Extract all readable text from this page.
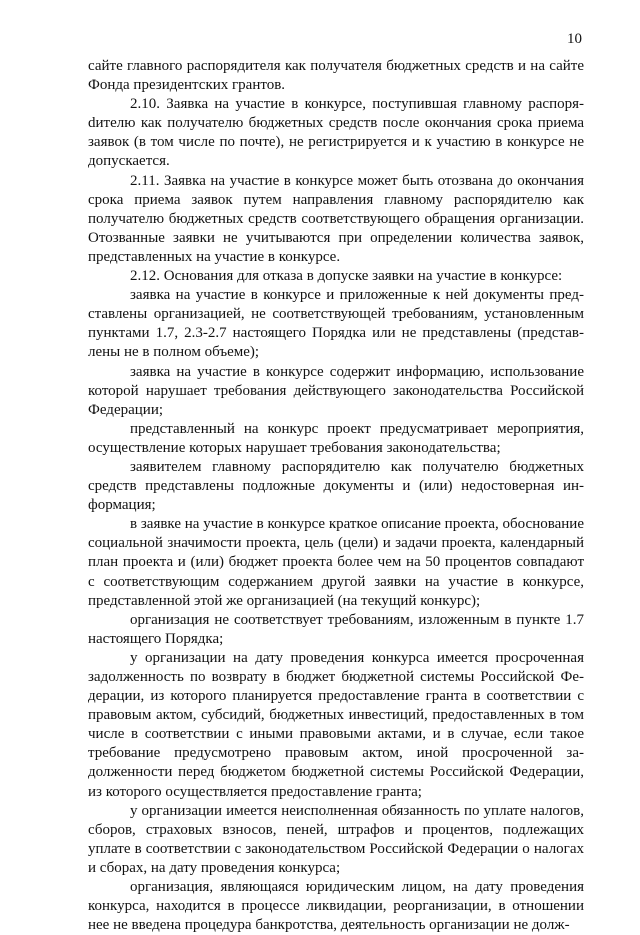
10

сайте главного распорядителя как получателя бюджетных средств и на сайте Фонда президентских грантов.

2.10. Заявка на участие в конкурсе, поступившая главному распоряdителю как получателю бюджетных средств после окончания срока приема заявок (в том числе по почте), не регистрируется и к участию в конкурсе не допускается.

2.11. Заявка на участие в конкурсе может быть отозвана до окончания срока приема заявок путем направления главному распорядителю как получателю бюджетных средств соответствующего обращения организации. Отозванные заявки не учитываются при определении количества заявок, представленных на участие в конкурсе.

2.12. Основания для отказа в допуске заявки на участие в конкурсе:

заявка на участие в конкурсе и приложенные к ней документы представлены организацией, не соответствующей требованиям, установленным пунктами 1.7, 2.3-2.7 настоящего Порядка или не представлены (представлены не в полном объеме);

заявка на участие в конкурсе содержит информацию, использование которой нарушает требования действующего законодательства Российской Федерации;

представленный на конкурс проект предусматривает мероприятия, осуществление которых нарушает требования законодательства;

заявителем главному распорядителю как получателю бюджетных средств представлены подложные документы и (или) недостоверная информация;

в заявке на участие в конкурсе краткое описание проекта, обоснование социальной значимости проекта, цель (цели) и задачи проекта, календарный план проекта и (или) бюджет проекта более чем на 50 процентов совпадают с соответствующим содержанием другой заявки на участие в конкурсе, представленной этой же организацией (на текущий конкурс);

организация не соответствует требованиям, изложенным в пункте 1.7 настоящего Порядка;

у организации на дату проведения конкурса имеется просроченная задолженность по возврату в бюджет бюджетной системы Российской Федерации, из которого планируется предоставление гранта в соответствии с правовым актом, субсидий, бюджетных инвестиций, предоставленных в том числе в соответствии с иными правовыми актами, и в случае, если такое требование предусмотрено правовым актом, иной просроченной задолженности перед бюджетом бюджетной системы Российской Федерации, из которого осуществляется предоставление гранта;

у организации имеется неисполненная обязанность по уплате налогов, сборов, страховых взносов, пеней, штрафов и процентов, подлежащих уплате в соответствии с законодательством Российской Федерации о налогах и сборах, на дату проведения конкурса;

организация, являющаяся юридическим лицом, на дату проведения конкурса, находится в процессе ликвидации, реорганизации, в отношении нее не введена процедура банкротства, деятельность организации не долж-
